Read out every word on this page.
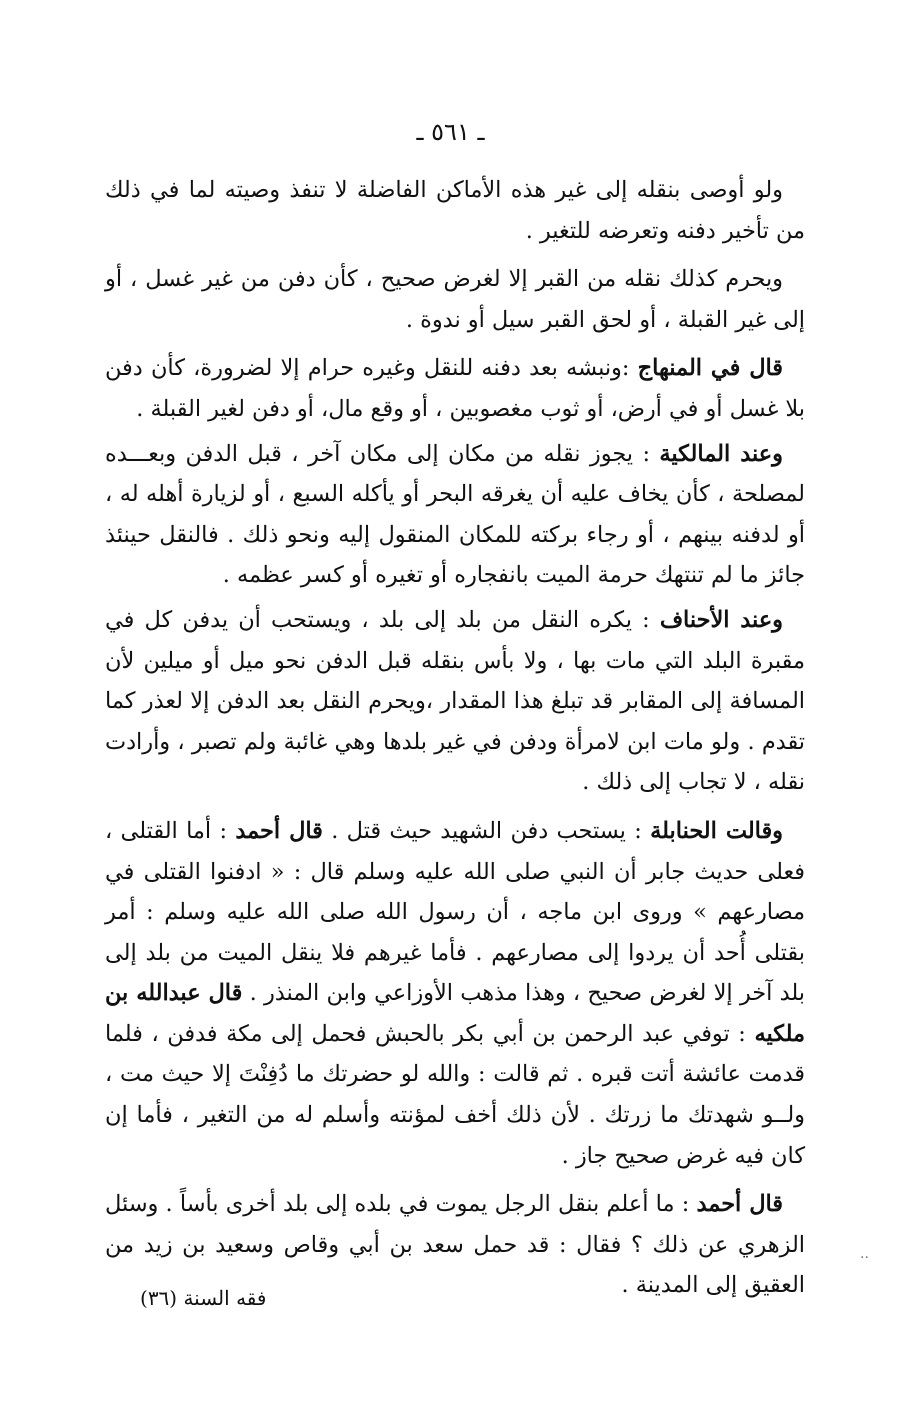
ـ ٥٦١ ـ

ولو أوصى بنقله إلى غير هذه الأماكن الفاضلة لا تنفذ وصيته لما في ذلك من تأخير دفنه وتعرضه للتغير .

ويحرم كذلك نقله من القبر إلا لغرض صحيح ، كأن دفن من غير غسل ، أو إلى غير القبلة ، أو لحق القبر سيل أو ندوة .

قال في المنهاج :ونبشه بعد دفنه للنقل وغيره حرام إلا لضرورة، كأن دفن بلا غسل أو في أرض، أو ثوب مغصوبين ، أو وقع مال، أو دفن لغير القبلة .

وعند المالكية : يجوز نقله من مكان إلى مكان آخر ، قبل الدفن وبعـــده لمصلحة ، كأن يخاف عليه أن يغرقه البحر أو يأكله السبع ، أو لزيارة أهله له ، أو لدفنه بينهم ، أو رجاء بركته للمكان المنقول إليه ونحو ذلك . فالنقل حينئذ جائز ما لم تنتهك حرمة الميت بانفجاره أو تغيره أو كسر عظمه .

وعند الأحناف : يكره النقل من بلد إلى بلد ، ويستحب أن يدفن كل في مقبرة البلد التي مات بها ، ولا بأس بنقله قبل الدفن نحو ميل أو ميلين لأن المسافة إلى المقابر قد تبلغ هذا المقدار ،ويحرم النقل بعد الدفن إلا لعذر كما تقدم . ولو مات ابن لامرأة ودفن في غير بلدها وهي غائبة ولم تصبر ، وأرادت نقله ، لا تجاب إلى ذلك .

وقالت الحنابلة : يستحب دفن الشهيد حيث قتل . قال أحمد : أما القتلى ، فعلى حديث جابر أن النبي صلى الله عليه وسلم قال : « ادفنوا القتلى في مصارعهم » وروى ابن ماجه ، أن رسول الله صلى الله عليه وسلم : أمر بقتلى أُحد أن يردوا إلى مصارعهم . فأما غيرهم فلا ينقل الميت من بلد إلى بلد آخر إلا لغرض صحيح ، وهذا مذهب الأوزاعي وابن المنذر . قال عبدالله بن ملكيه : توفي عبد الرحمن بن أبي بكر بالحبش فحمل إلى مكة فدفن ، فلما قدمت عائشة أتت قبره . ثم قالت : والله لو حضرتك ما دُفِنْتَ إلا حيث مت ، ولــو شهدتك ما زرتك . لأن ذلك أخف لمؤنته وأسلم له من التغير ، فأما إن كان فيه غرض صحيح جاز .

قال أحمد : ما أعلم بنقل الرجل يموت في بلده إلى بلد أخرى بأساً . وسئل الزهري عن ذلك ؟ فقال : قد حمل سعد بن أبي وقاص وسعيد بن زيد من العقيق إلى المدينة .

فقه السنة (٣٦)
··
